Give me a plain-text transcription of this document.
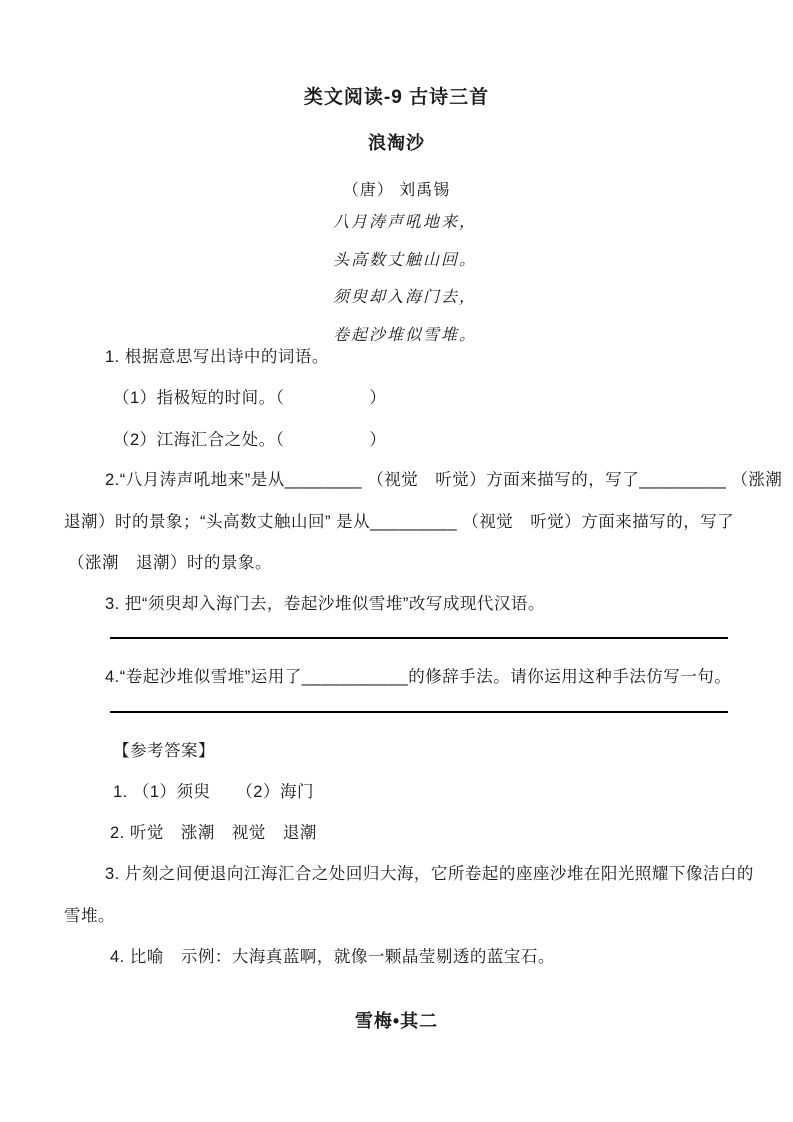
类文阅读-9 古诗三首
浪淘沙
（唐） 刘禹锡
八月涛声吼地来，
头高数丈触山回。
须臾却入海门去，
卷起沙堆似雪堆。
1. 根据意思写出诗中的词语。
（1）指极短的时间。（　　　　　）
（2）江海汇合之处。（　　　　　）
2.“八月涛声吼地来”是从________ （视觉　听觉）方面来描写的，写了_________ （涨潮
退潮）时的景象；“头高数丈触山回” 是从_________ （视觉　听觉）方面来描写的，写了
（涨潮　退潮）时的景象。
3. 把“须臾却入海门去，卷起沙堆似雪堆”改写成现代汉语。
4.“卷起沙堆似雪堆”运用了___________的修辞手法。请你运用这种手法仿写一句。
【参考答案】
1. （1）须臾　　（2）海门
2. 听觉　涨潮　视觉　退潮
3. 片刻之间便退向江海汇合之处回归大海，它所卷起的座座沙堆在阳光照耀下像洁白的
雪堆。
4. 比喻　示例：大海真蓝啊，就像一颗晶莹剔透的蓝宝石。
雪梅•其二
